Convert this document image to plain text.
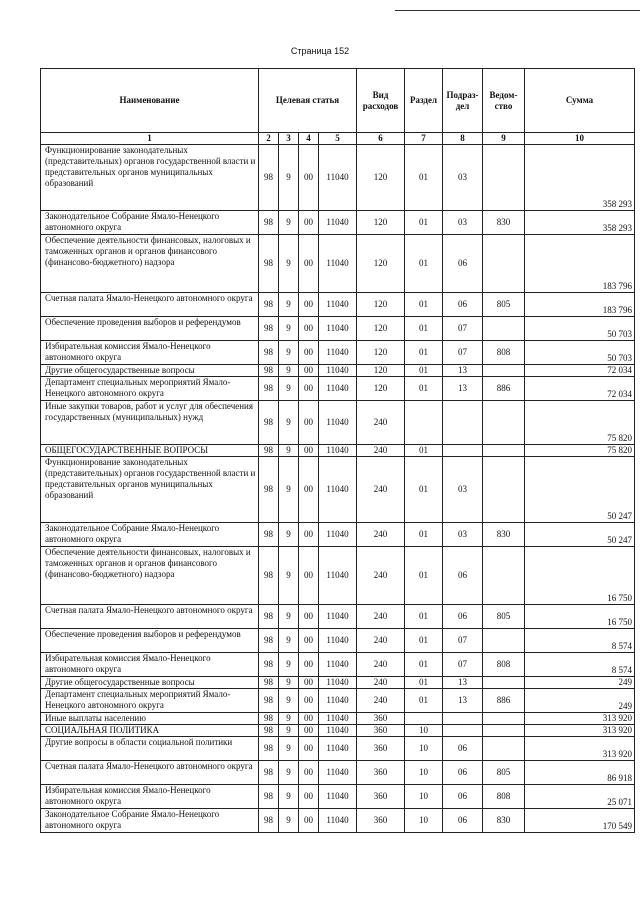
Страница 152
Наименование	Целевая статья				Вид расходов	Раздел	Подраз-дел	Ведом-ство	Сумма
1	2	3	4	5	6	7	8	9	10
Функционирование законодательных (представительных) органов государственной власти и представительных органов муниципальных образований	98	9	00	11040	120	01	03		358 293
Законодательное Собрание Ямало-Ненецкого автономного округа	98	9	00	11040	120	01	03	830	358 293
Обеспечение деятельности финансовых, налоговых и таможенных органов и органов финансового (финансово-бюджетного) надзора	98	9	00	11040	120	01	06		183 796
Счетная палата Ямало-Ненецкого автономного округа	98	9	00	11040	120	01	06	805	183 796
Обеспечение проведения выборов и референдумов	98	9	00	11040	120	01	07		50 703
Избирательная комиссия Ямало-Ненецкого автономного округа	98	9	00	11040	120	01	07	808	50 703
Другие общегосударственные вопросы	98	9	00	11040	120	01	13		72 034
Департамент специальных мероприятий Ямало-Ненецкого автономного округа	98	9	00	11040	120	01	13	886	72 034
Иные закупки товаров, работ и услуг для обеспечения государственных (муниципальных) нужд	98	9	00	11040	240				75 820
ОБЩЕГОСУДАРСТВЕННЫЕ ВОПРОСЫ	98	9	00	11040	240	01			75 820
Функционирование законодательных (представительных) органов государственной власти и представительных органов муниципальных образований	98	9	00	11040	240	01	03		50 247
Законодательное Собрание Ямало-Ненецкого автономного округа	98	9	00	11040	240	01	03	830	50 247
Обеспечение деятельности финансовых, налоговых и таможенных органов и органов финансового (финансово-бюджетного) надзора	98	9	00	11040	240	01	06		16 750
Счетная палата Ямало-Ненецкого автономного округа	98	9	00	11040	240	01	06	805	16 750
Обеспечение проведения выборов и референдумов	98	9	00	11040	240	01	07		8 574
Избирательная комиссия Ямало-Ненецкого автономного округа	98	9	00	11040	240	01	07	808	8 574
Другие общегосударственные вопросы	98	9	00	11040	240	01	13		249
Департамент специальных мероприятий Ямало-Ненецкого автономного округа	98	9	00	11040	240	01	13	886	249
Иные выплаты населению	98	9	00	11040	360				313 920
СОЦИАЛЬНАЯ ПОЛИТИКА	98	9	00	11040	360	10			313 920
Другие вопросы в области социальной политики	98	9	00	11040	360	10	06		313 920
Счетная палата Ямало-Ненецкого автономного округа	98	9	00	11040	360	10	06	805	86 918
Избирательная комиссия Ямало-Ненецкого автономного округа	98	9	00	11040	360	10	06	808	25 071
Законодательное Собрание Ямало-Ненецкого автономного округа	98	9	00	11040	360	10	06	830	170 549
